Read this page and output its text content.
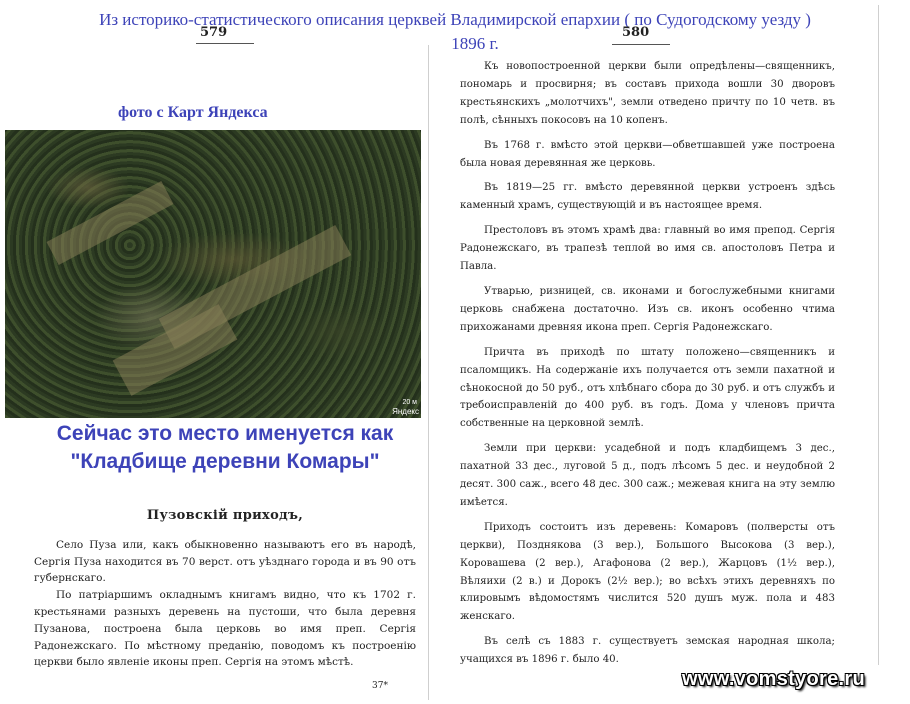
Из историко-статистического описания церквей Владимирской епархии ( по Судогодскому уезду )
1896 г.
579	580
фото с Карт Яндекса
20 м
Яндекс
Сейчас это место именуется как
"Кладбище деревни Комары"
Пузовскій приходъ,

Село Пуза или, какъ обыкновенно называютъ его въ народѣ, Сергія Пуза находится въ 70 верст. отъ уѣзднаго города и въ 90 отъ губернскаго.

По патріаршимъ окладнымъ книгамъ видно, что къ 1702 г. крестьянами разныхъ деревень на пустоши, что была деревня Пузанова, построена была церковь во имя преп. Сергія Радонежскаго. По мѣстному преданію, поводомъ къ построенію церкви было явленіе иконы преп. Сергія на этомъ мѣстѣ.

37*

Къ новопостроенной церкви были опредѣлены—священникъ, пономарь и просвирня; въ составъ прихода вошли 30 дворовъ крестьянскихъ „молотчихъ", земли отведено причту по 10 четв. въ полѣ, сѣнныхъ покосовъ на 10 копенъ.

Въ 1768 г. вмѣсто этой церкви—обветшавшей уже построена была новая деревянная же церковь.

Въ 1819—25 гг. вмѣсто деревянной церкви устроенъ здѣсь каменный храмъ, существующій и въ настоящее время.

Престоловъ въ этомъ храмѣ два: главный во имя препод. Сергія Радонежскаго, въ трапезѣ теплой во имя св. апостоловъ Петра и Павла.

Утварью, ризницей, св. иконами и богослужебными книгами церковь снабжена достаточно. Изъ св. иконъ особенно чтима прихожанами древняя икона преп. Сергія Радонежскаго.

Причта въ приходѣ по штату положено—священникъ и псаломщикъ. На содержаніе ихъ получается отъ земли пахатной и сѣнокосной до 50 руб., отъ хлѣбнаго сбора до 30 руб. и отъ службъ и требоисправленій до 400 руб. въ годъ. Дома у членовъ причта собственные на церковной землѣ.

Земли при церкви: усадебной и подъ кладбищемъ 3 дес., пахатной 33 дес., луговой 5 д., подъ лѣсомъ 5 дес. и неудобной 2 десят. 300 саж., всего 48 дес. 300 саж.; межевая книга на эту землю имѣется.

Приходъ состоитъ изъ деревень: Комаровъ (полверсты отъ церкви), Позднякова (3 вер.), Большого Высокова (3 вер.), Коровашева (2 вер.), Агафонова (2 вер.), Жарцовъ (1½ вер.), Вѣляихи (2 в.) и Дорокъ (2½ вер.); во всѣхъ этихъ деревняхъ по клировымъ вѣдомостямъ числится 520 душъ муж. пола и 483 женскаго.

Въ селѣ съ 1883 г. существуетъ земская народная школа; учащихся въ 1896 г. было 40.

www.vomstyore.ru
